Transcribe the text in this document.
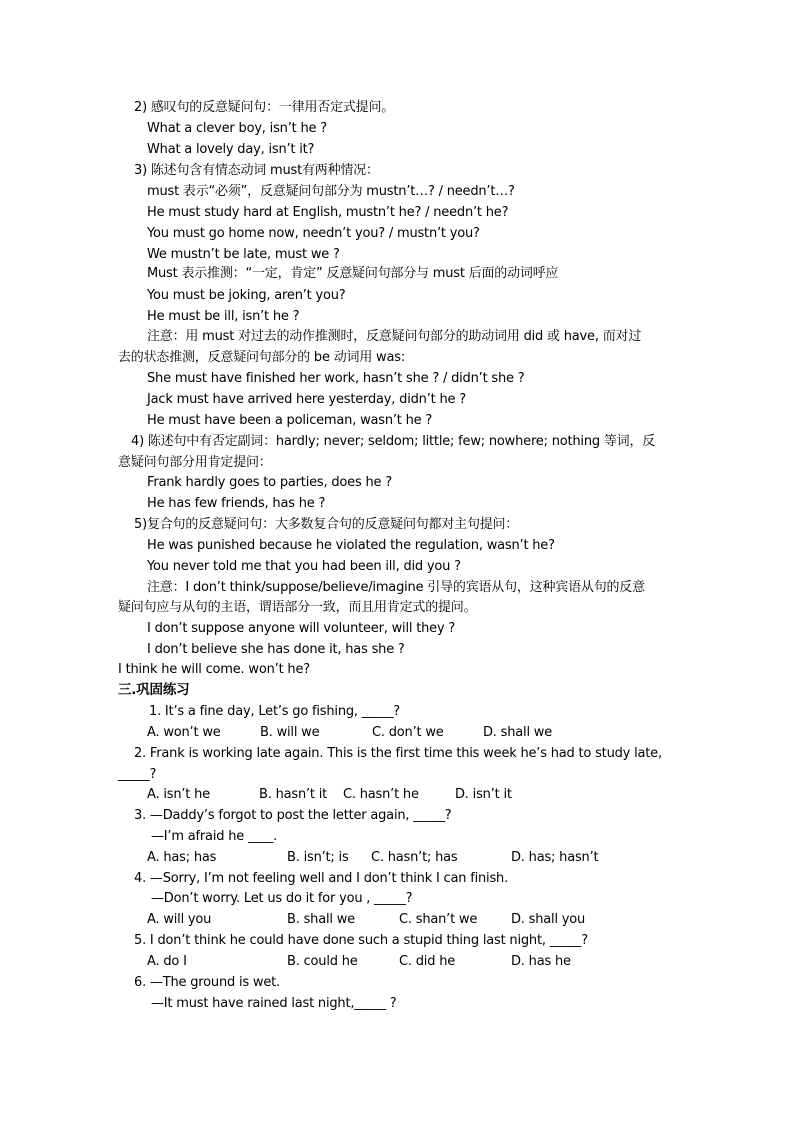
2) 感叹句的反意疑问句：一律用否定式提问。
What a clever boy, isn’t he ?
What a lovely day, isn’t it?
3) 陈述句含有情态动词 must有两种情况：
must 表示“必须”，反意疑问句部分为 mustn’t…? / needn’t…?
He must study hard at English, mustn’t he? / needn’t he?
You must go home now, needn’t you? / mustn’t you?
We mustn’t be late, must we ?
Must 表示推测：“一定，肯定” 反意疑问句部分与 must 后面的动词呼应
You must be joking, aren’t you?
He must be ill, isn’t he ?
注意：用 must 对过去的动作推测时，反意疑问句部分的助动词用 did 或 have, 而对过
去的状态推测，反意疑问句部分的 be 动词用 was:
She must have finished her work, hasn’t she ? / didn’t she ?
Jack must have arrived here yesterday, didn’t he ?
He must have been a policeman, wasn’t he ?
4) 陈述句中有否定副词：hardly; never; seldom; little; few; nowhere; nothing 等词，反
意疑问句部分用肯定提问：
Frank hardly goes to parties, does he ?
He has few friends, has he ?
5)复合句的反意疑问句：大多数复合句的反意疑问句都对主句提问：
He was punished because he violated the regulation, wasn’t he?
You never told me that you had been ill, did you ?
注意：I don’t think/suppose/believe/imagine 引导的宾语从句，这种宾语从句的反意
疑问句应与从句的主语，谓语部分一致，而且用肯定式的提问。
I don’t suppose anyone will volunteer, will they ?
I don’t believe she has done it, has she ?
I think he will come. won’t he?
三.巩固练习
1. It’s a fine day, Let’s go fishing, _____?
A. won’t we	B. will we	C. don’t we	D. shall we
2. Frank is working late again. This is the first time this week he’s had to study late,
_____?
A. isn’t he	B. hasn’t it C. hasn’t he	D. isn’t it
3. —Daddy’s forgot to post the letter again, _____?
—I’m afraid he ____.
A. has; has	B. isn’t; is C. hasn’t; has	D. has; hasn’t
4. —Sorry, I’m not feeling well and I don’t think I can finish.
—Don’t worry. Let us do it for you , _____?
A. will you	B. shall we	C. shan’t we	D. shall you
5. I don’t think he could have done such a stupid thing last night, _____?
A. do I	B. could he	C. did he	D. has he
6. —The ground is wet.
—It must have rained last night,_____ ?
